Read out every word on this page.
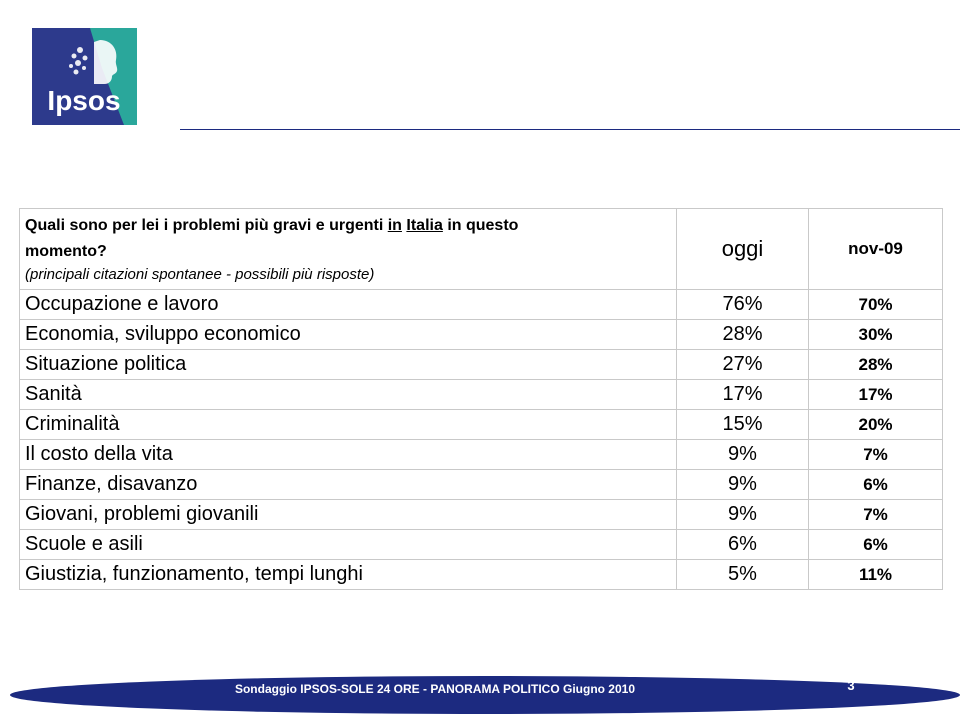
Ipsos
Quali sono per lei i problemi più gravi e urgenti in Italia in questo
momento?
(principali citazioni spontanee - possibili più risposte)	oggi	nov-09
Occupazione e lavoro	76%	70%
Economia, sviluppo economico	28%	30%
Situazione politica	27%	28%
Sanità	17%	17%
Criminalità	15%	20%
Il costo della vita	9%	7%
Finanze, disavanzo	9%	6%
Giovani, problemi giovanili	9%	7%
Scuole e asili	6%	6%
Giustizia, funzionamento, tempi lunghi	5%	11%
Sondaggio IPSOS-SOLE 24 ORE - PANORAMA POLITICO Giugno 2010	3
